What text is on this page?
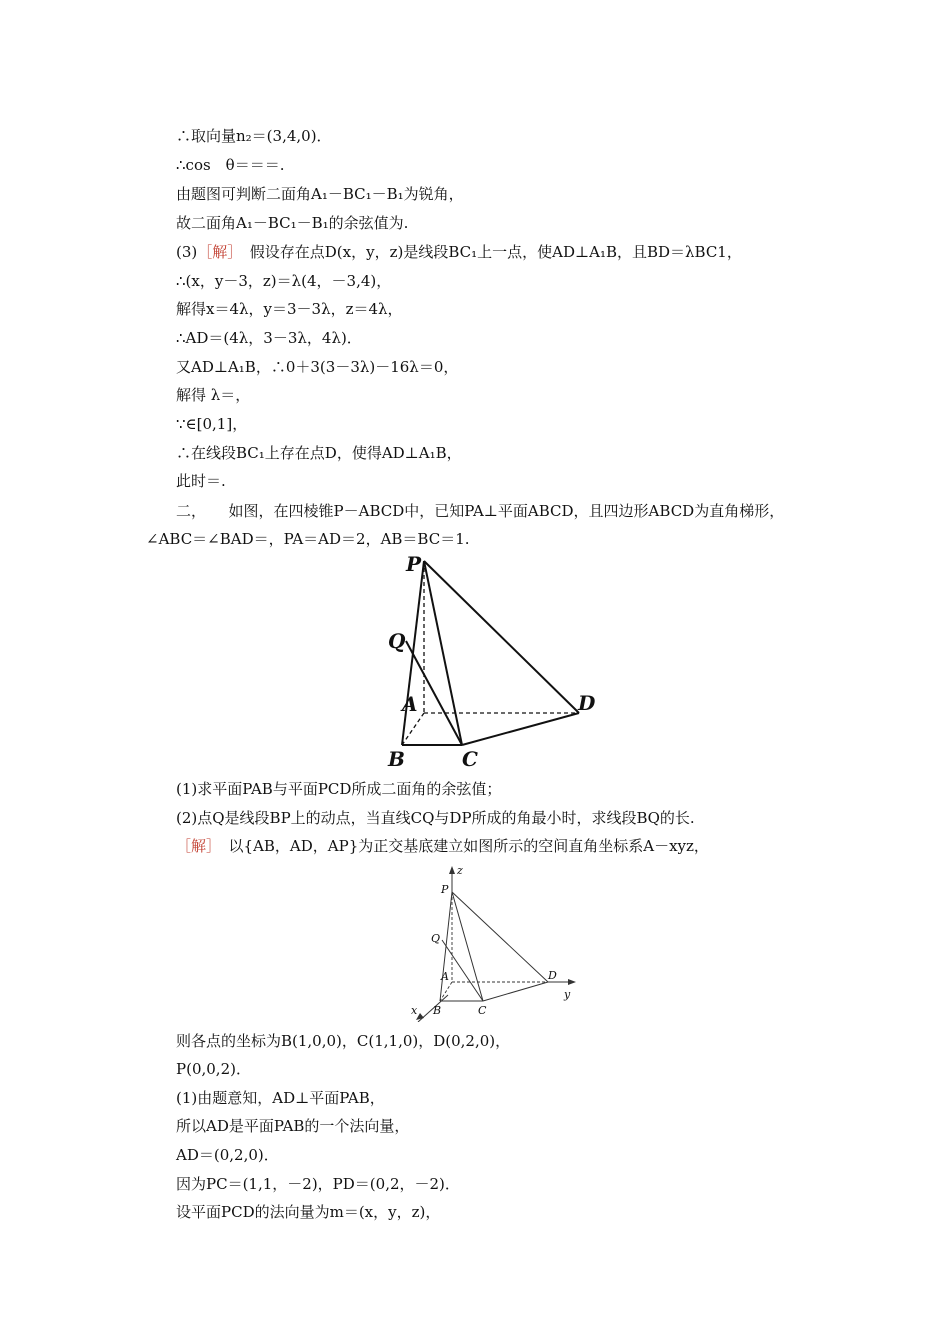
∴取向量n₂＝(3,4,0)．
∴cos　θ＝＝＝.
由题图可判断二面角A₁－BC₁－B₁为锐角，
故二面角A₁－BC₁－B₁的余弦值为.
(3)［解］　 假设存在点D(x，y，z)是线段BC₁上一点，使AD⊥A₁B，且BD＝λBC1，
∴(x，y－3，z)＝λ(4，－3,4)，
解得x＝4λ，y＝3－3λ，z＝4λ，
∴AD＝(4λ，3－3λ，4λ)．
又AD⊥A₁B，∴0＋3(3－3λ)－16λ＝0，
解得 λ＝，
∵∈[0,1]，
∴在线段BC₁上存在点D，使得AD⊥A₁B，
此时＝.
二，　　 如图，在四棱锥P－ABCD中，已知PA⊥平面ABCD，且四边形ABCD为直角梯形，
∠ABC＝∠BAD＝，PA＝AD＝2，AB＝BC＝1.
P
Q
A	D
B	C
(1)求平面PAB与平面PCD所成二面角的余弦值；
(2)点Q是线段BP上的动点，当直线CQ与DP所成的角最小时，求线段BQ的长.
［解］　 以{AB，AD，AP}为正交基底建立如图所示的空间直角坐标系A－xyz，
z
P
Q
A	D
y
x B	C
则各点的坐标为B(1,0,0)，C(1,1,0)，D(0,2,0)，
P(0,0,2)．
(1)由题意知，AD⊥平面PAB，
所以AD是平面PAB的一个法向量，
AD＝(0,2,0)．
因为PC＝(1,1，－2)，PD＝(0,2，－2)．
设平面PCD的法向量为m＝(x，y，z)，
